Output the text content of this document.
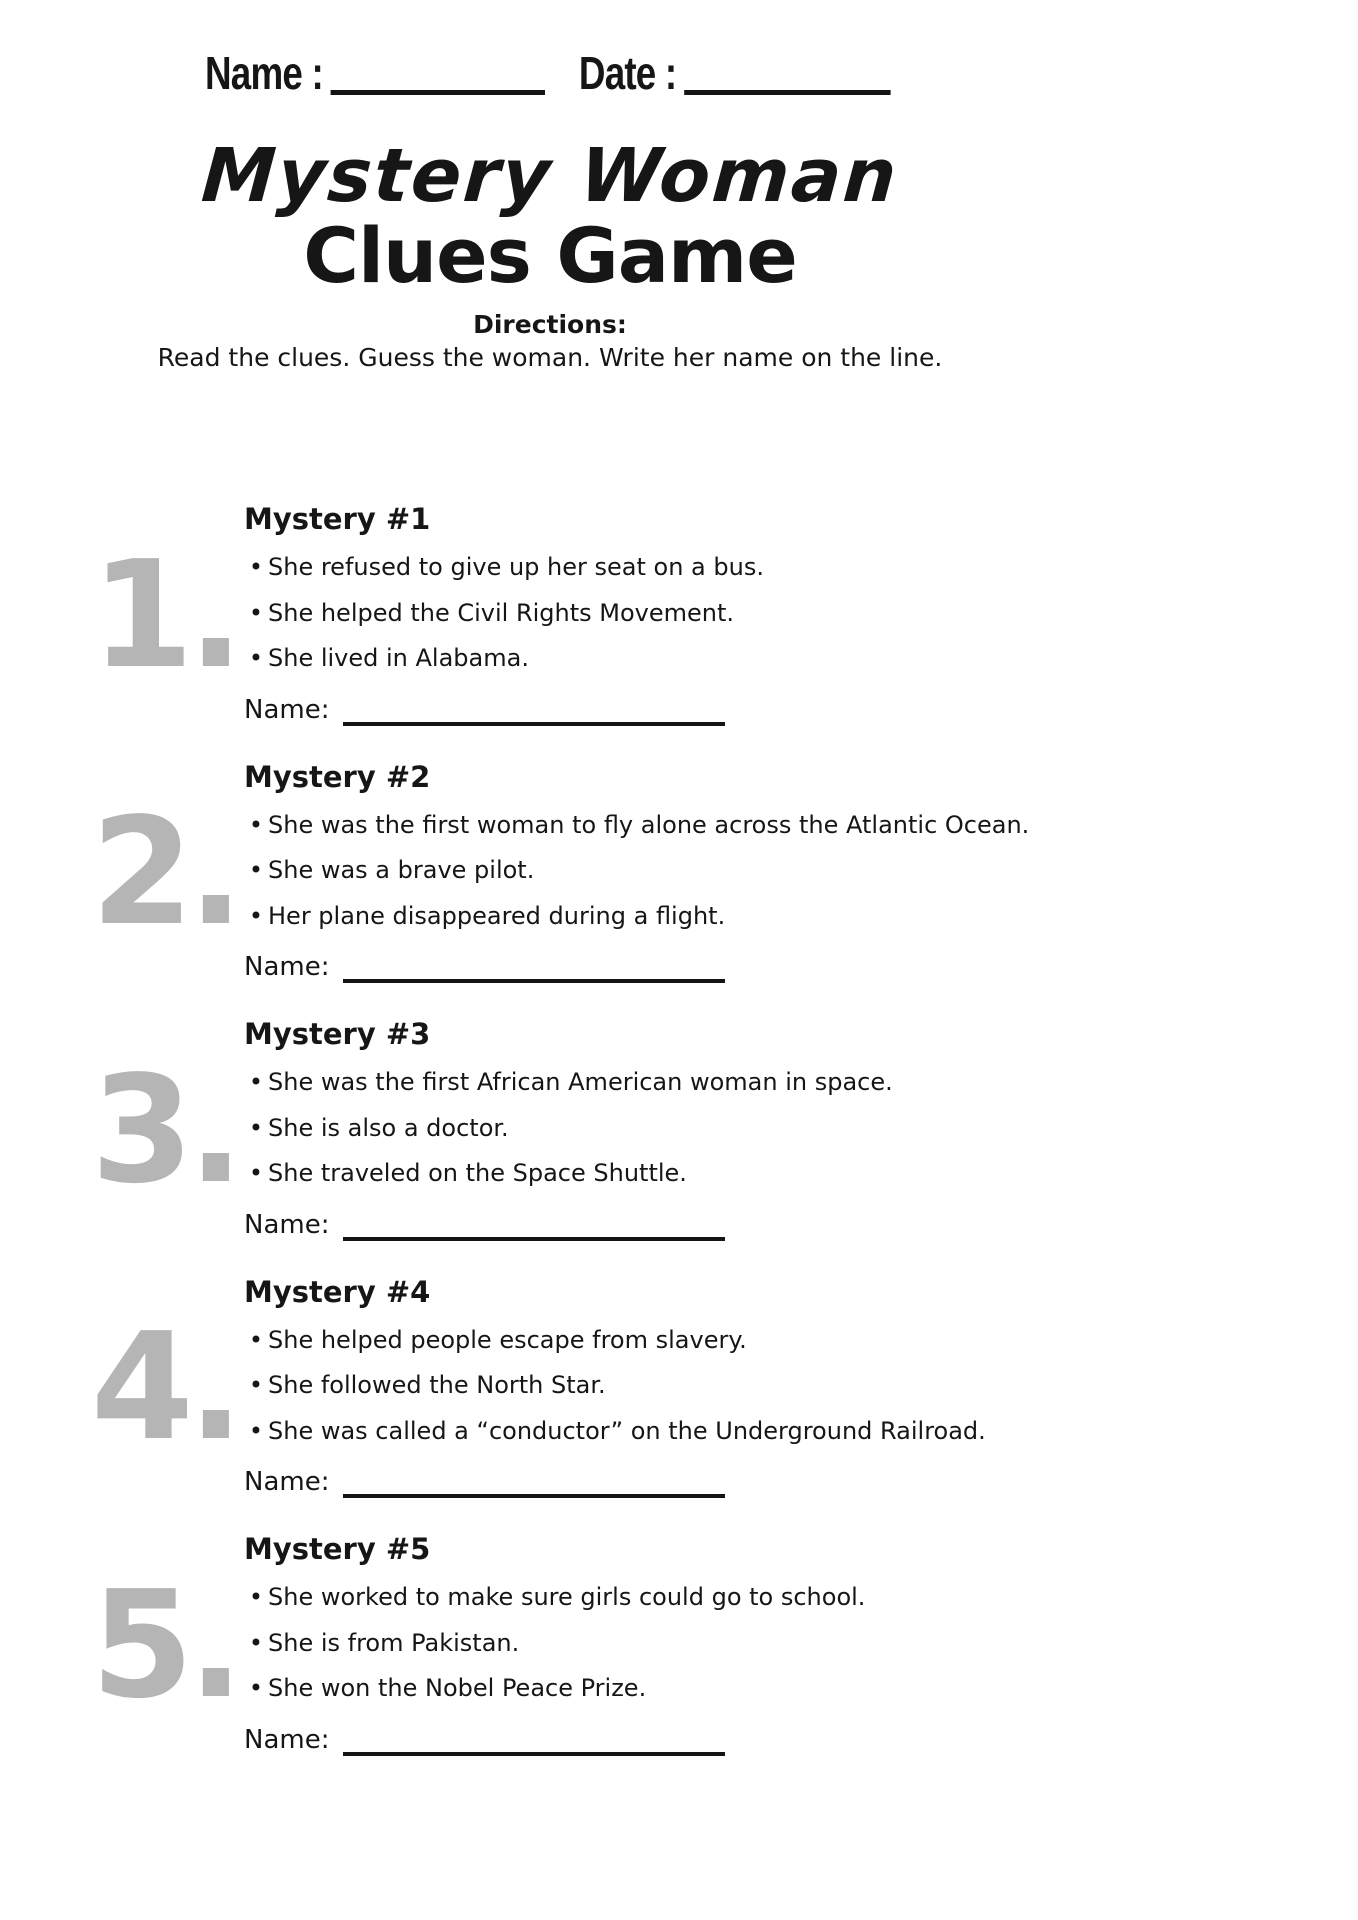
Name :	Date :
Mystery Woman
Clues Game
Directions:
Read the clues. Guess the woman. Write her name on the line.
1.
Mystery #1
• She refused to give up her seat on a bus.
• She helped the Civil Rights Movement.
• She lived in Alabama.
Name:
2.
Mystery #2
• She was the first woman to fly alone across the Atlantic Ocean.
• She was a brave pilot.
• Her plane disappeared during a flight.
Name:
3.
Mystery #3
• She was the first African American woman in space.
• She is also a doctor.
• She traveled on the Space Shuttle.
Name:
4.
Mystery #4
• She helped people escape from slavery.
• She followed the North Star.
• She was called a “conductor” on the Underground Railroad.
Name:
5.
Mystery #5
• She worked to make sure girls could go to school.
• She is from Pakistan.
• She won the Nobel Peace Prize.
Name:
